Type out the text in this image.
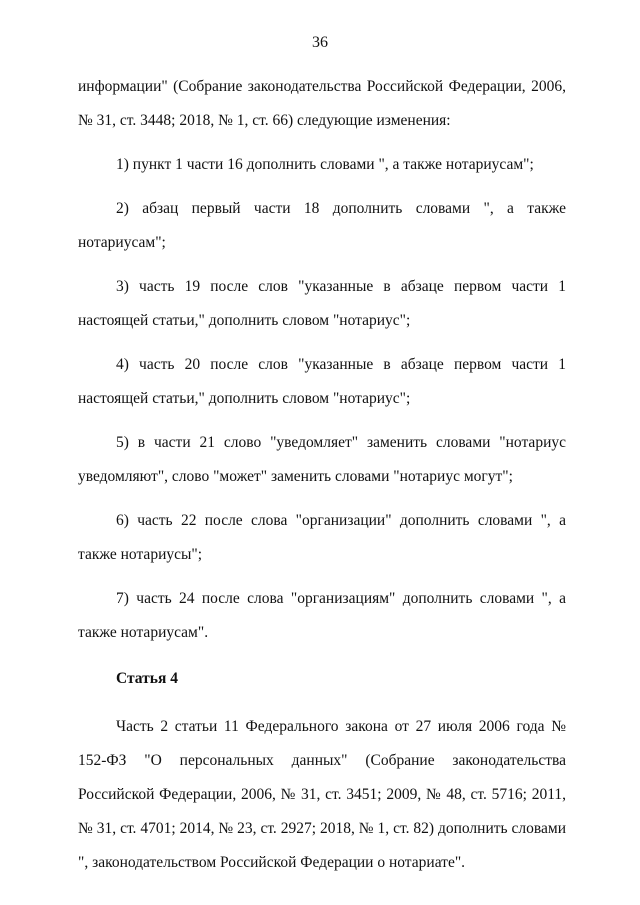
36

информации" (Собрание законодательства Российской Федерации, 2006, № 31, ст. 3448; 2018, № 1, ст. 66) следующие изменения:

1) пункт 1 части 16 дополнить словами ", а также нотариусам";

2) абзац первый части 18 дополнить словами ", а также нотариусам";

3) часть 19 после слов "указанные в абзаце первом части 1 настоящей статьи," дополнить словом "нотариус";

4) часть 20 после слов "указанные в абзаце первом части 1 настоящей статьи," дополнить словом "нотариус";

5) в части 21 слово "уведомляет" заменить словами "нотариус уведомляют", слово "может" заменить словами "нотариус могут";

6) часть 22 после слова "организации" дополнить словами ", а также нотариусы";

7) часть 24 после слова "организациям" дополнить словами ", а также нотариусам".

Статья 4

Часть 2 статьи 11 Федерального закона от 27 июля 2006 года № 152-ФЗ "О персональных данных" (Собрание законодательства Российской Федерации, 2006, № 31, ст. 3451; 2009, № 48, ст. 5716; 2011, № 31, ст. 4701; 2014, № 23, ст. 2927; 2018, № 1, ст. 82) дополнить словами ", законодательством Российской Федерации о нотариате".
